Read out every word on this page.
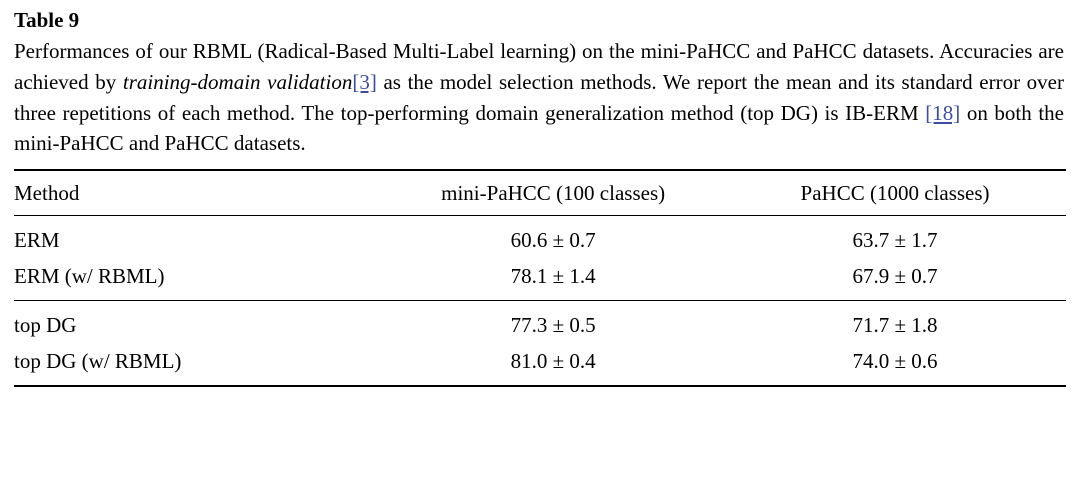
Table 9
Performances of our RBML (Radical-Based Multi-Label learning) on the mini-PaHCC and PaHCC datasets. Accuracies are achieved by training-domain validation[3] as the model selection methods. We report the mean and its standard error over three repetitions of each method. The top-performing domain generalization method (top DG) is IB-ERM [18] on both the mini-PaHCC and PaHCC datasets.
Method	mini-PaHCC (100 classes)	PaHCC (1000 classes)
ERM	60.6 ± 0.7	63.7 ± 1.7
ERM (w/ RBML)	78.1 ± 1.4	67.9 ± 0.7
top DG	77.3 ± 0.5	71.7 ± 1.8
top DG (w/ RBML)	81.0 ± 0.4	74.0 ± 0.6
